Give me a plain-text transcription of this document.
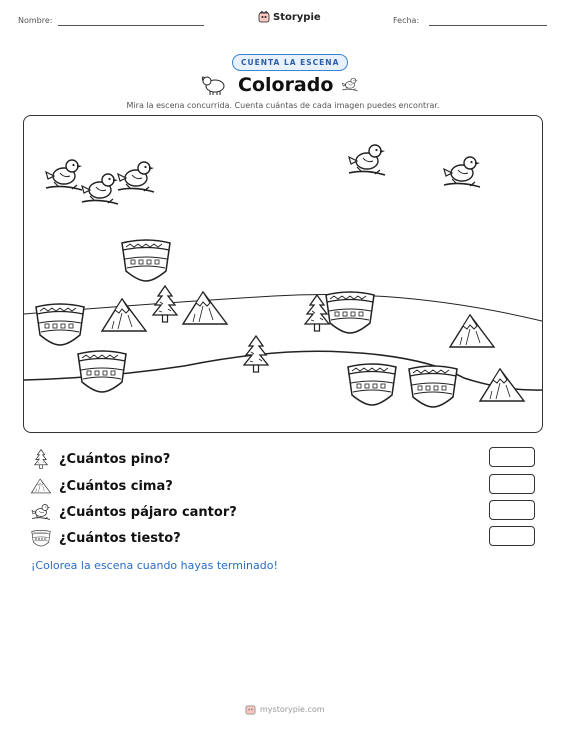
Nombre:	Storypie	Fecha:
CUENTA LA ESCENA
Colorado
Mira la escena concurrida. Cuenta cuántas de cada imagen puedes encontrar.
¿Cuántos pino?
¿Cuántos cima?
¿Cuántos pájaro cantor?
¿Cuántos tiesto?
¡Colorea la escena cuando hayas terminado!
mystorypie.com
